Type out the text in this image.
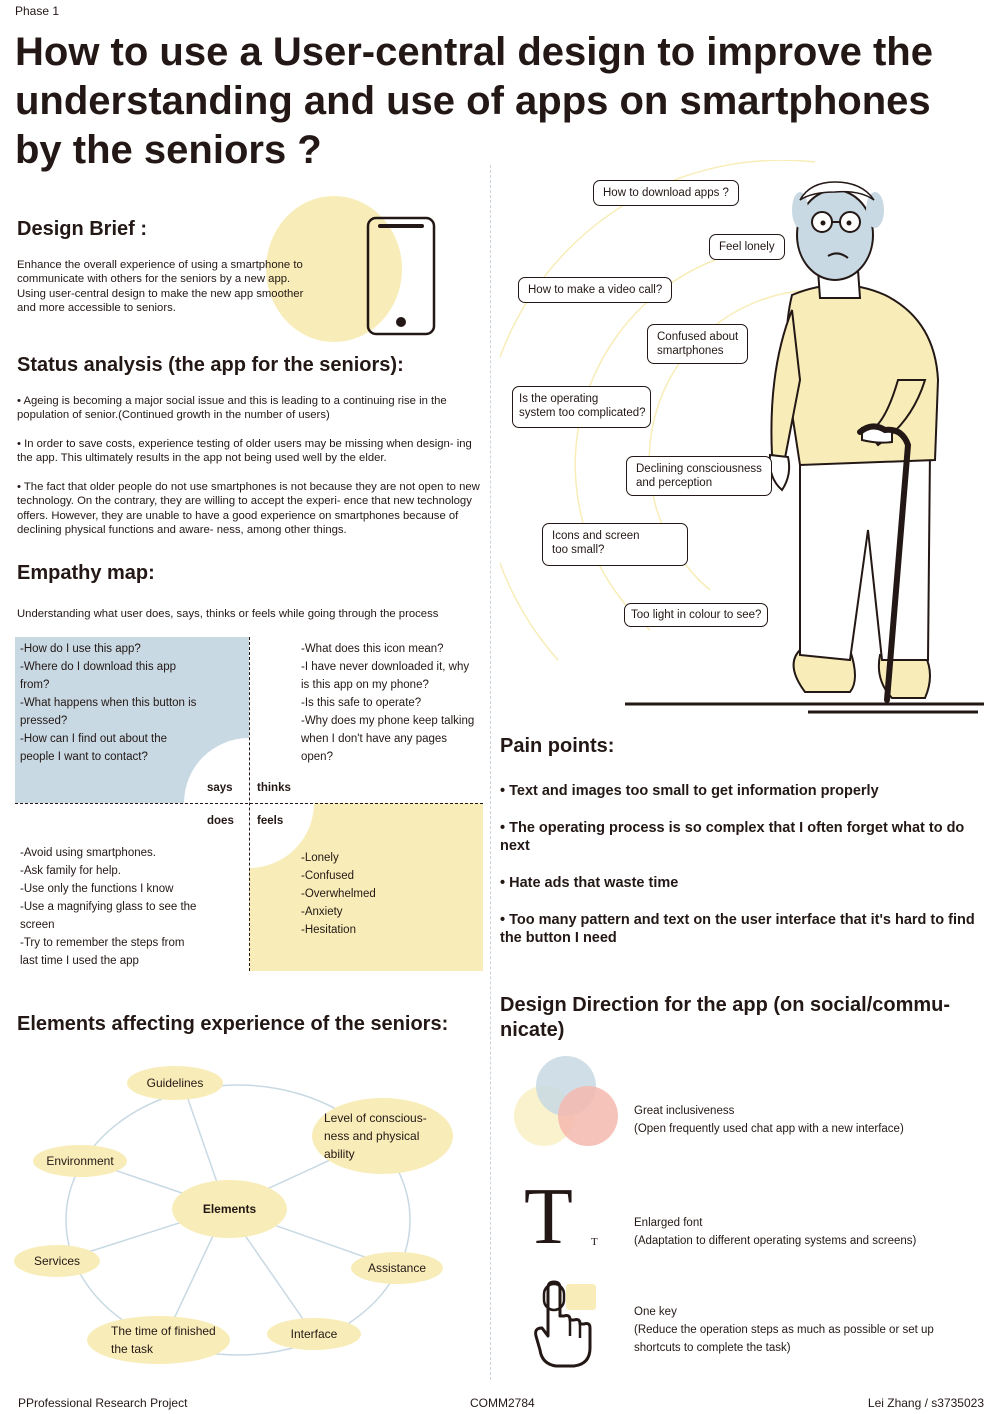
Phase 1
How to use a User-central design to improve the understanding and use of apps on smartphones by the seniors ?
Design Brief :

Enhance the overall experience of using a smartphone to communicate with others for the seniors by a new app. Using user-central design to make the new app smoother and more accessible to seniors.

Status analysis (the app for the seniors):

• Ageing is becoming a major social issue and this is leading to a continuing rise in the population of senior.(Continued growth in the number of users)

• In order to save costs, experience testing of older users may be missing when design- ing the app. This ultimately results in the app not being used well by the elder.

• The fact that older people do not use smartphones is not because they are not open to new technology. On the contrary, they are willing to accept the experi- ence that new technology offers. However, they are unable to have a good experience on smartphones because of declining physical functions and aware- ness, among other things.

Empathy map:

Understanding what user does, says, thinks or feels while going through the process

-How do I use this app?
-Where do I download this app
from?
-What happens when this button is
pressed?
-How can I find out about the
people I want to contact?

-What does this icon mean?
-I have never downloaded it, why
is this app on my phone?
-Is this safe to operate?
-Why does my phone keep talking
when I don't have any pages
open?

-Avoid using smartphones.
-Ask family for help.
-Use only the functions I know
-Use a magnifying glass to see the
screen
-Try to remember the steps from
last time I used the app

-Lonely
-Confused
-Overwhelmed
-Anxiety
-Hesitation

says thinks
does feels
Elements affecting experience of the seniors:
Guidelines
Level of conscious-
ness and physical
ability
Environment
Elements
Services	Assistance
The time of finished
the task
Interface
How to download apps ?
Feel lonely
How to make a video call?
Confused about
smartphones
Is the operating
system too complicated?
Declining consciousness
and perception
Icons and screen
too small?
Too light in colour to see?
Pain points:

• Text and images too small to get information properly

• The operating process is so complex that I often forget what to do next

• Hate ads that waste time

• Too many pattern and text on the user interface that it's hard to find the button I need

Design Direction for the app (on social/commu- nicate)
Great inclusiveness
(Open frequently used chat app with a new interface)
T T
Enlarged font
(Adaptation to different operating systems and screens)
One key
(Reduce the operation steps as much as possible or set up shortcuts to complete the task)
PProfessional Research Project	COMM2784	Lei Zhang / s3735023
